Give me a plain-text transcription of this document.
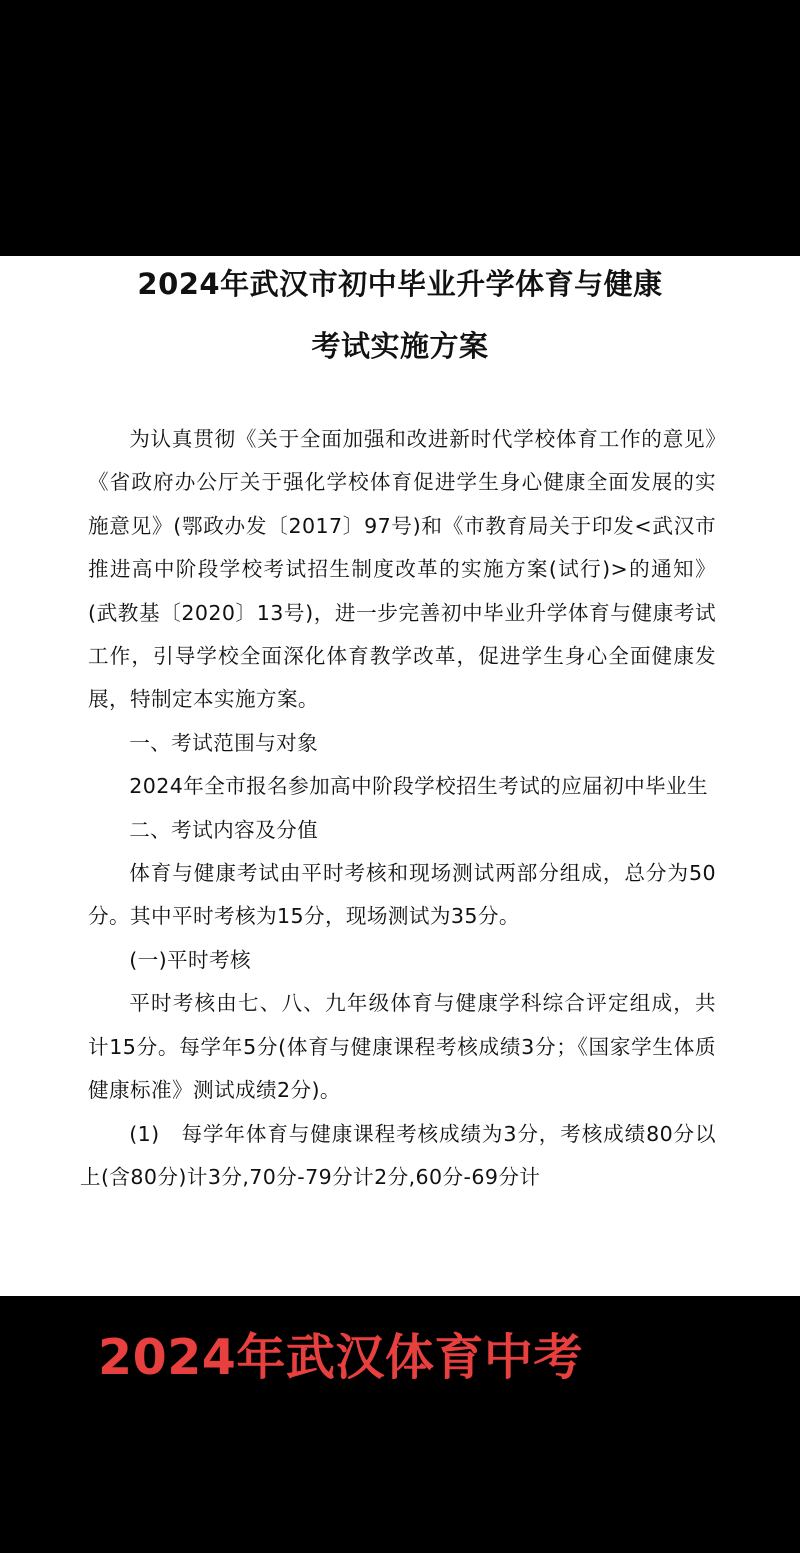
2024年武汉市初中毕业升学体育与健康
考试实施方案

为认真贯彻《关于全面加强和改进新时代学校体育工作的意见》《省政府办公厅关于强化学校体育促进学生身心健康全面发展的实施意见》(鄂政办发〔2017〕97号)和《市教育局关于印发<武汉市推进高中阶段学校考试招生制度改革的实施方案(试行)>的通知》(武教基〔2020〕13号)，进一步完善初中毕业升学体育与健康考试工作，引导学校全面深化体育教学改革，促进学生身心全面健康发展，特制定本实施方案。

一、考试范围与对象

2024年全市报名参加高中阶段学校招生考试的应届初中毕业生

二、考试内容及分值

体育与健康考试由平时考核和现场测试两部分组成，总分为50分。其中平时考核为15分，现场测试为35分。

(一)平时考核

平时考核由七、八、九年级体育与健康学科综合评定组成，共计15分。每学年5分(体育与健康课程考核成绩3分；《国家学生体质健康标准》测试成绩2分)。

(1)　每学年体育与健康课程考核成绩为3分，考核成绩80分以上(含80分)计3分,70分-79分计2分,60分-69分计

2024年武汉体育中考
